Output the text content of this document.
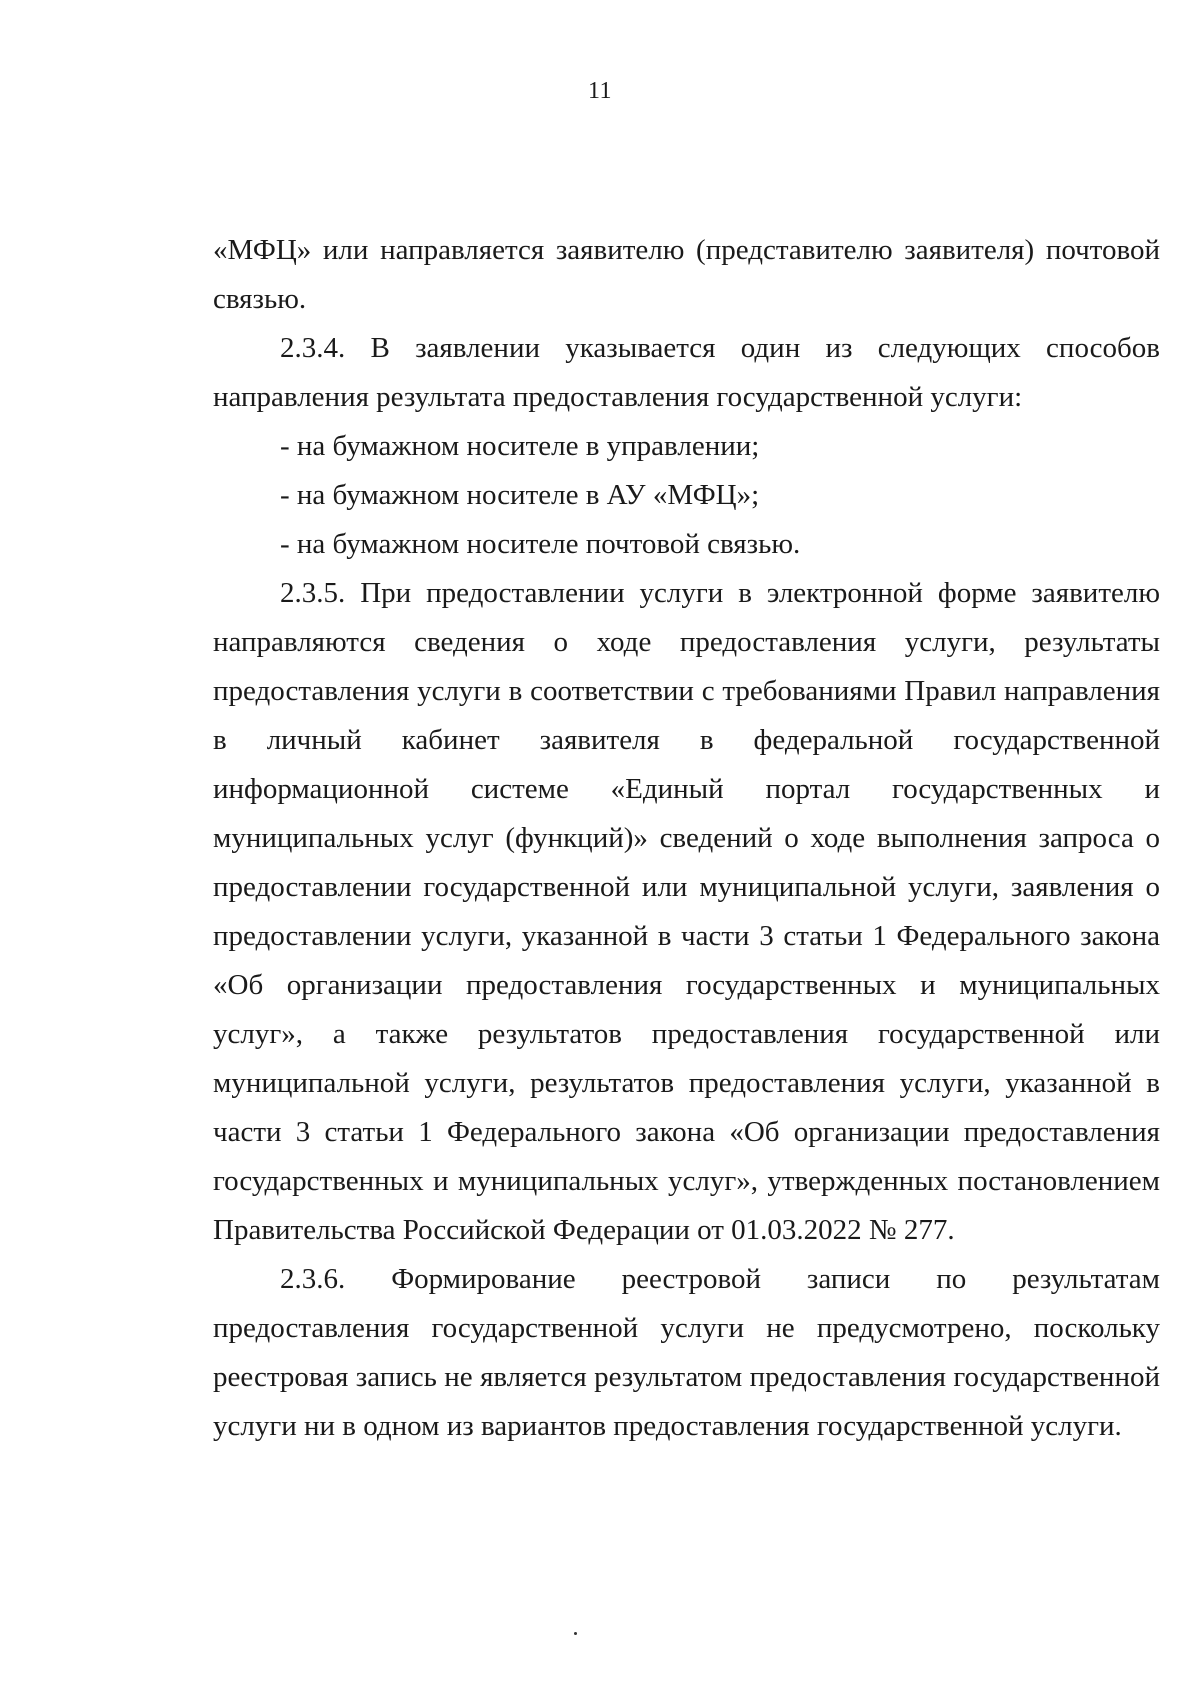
11

«МФЦ» или направляется заявителю (представителю заявителя) почтовой связью.

2.3.4. В заявлении указывается один из следующих способов направления результата предоставления государственной услуги:

- на бумажном носителе в управлении;

- на бумажном носителе в АУ «МФЦ»;

- на бумажном носителе почтовой связью.

2.3.5. При предоставлении услуги в электронной форме заявителю направляются сведения о ходе предоставления услуги, результаты предоставления услуги в соответствии с требованиями Правил направления в личный кабинет заявителя в федеральной государственной информационной системе «Единый портал государственных и муниципальных услуг (функций)» сведений о ходе выполнения запроса о предоставлении государственной или муниципальной услуги, заявления о предоставлении услуги, указанной в части 3 статьи 1 Федерального закона «Об организации предоставления государственных и муниципальных услуг», а также результатов предоставления государственной или муниципальной услуги, результатов предоставления услуги, указанной в части 3 статьи 1 Федерального закона «Об организации предоставления государственных и муниципальных услуг», утвержденных постановлением Правительства Российской Федерации от 01.03.2022 № 277.

2.3.6. Формирование реестровой записи по результатам предоставления государственной услуги не предусмотрено, поскольку реестровая запись не является результатом предоставления государственной услуги ни в одном из вариантов предоставления государственной услуги.
